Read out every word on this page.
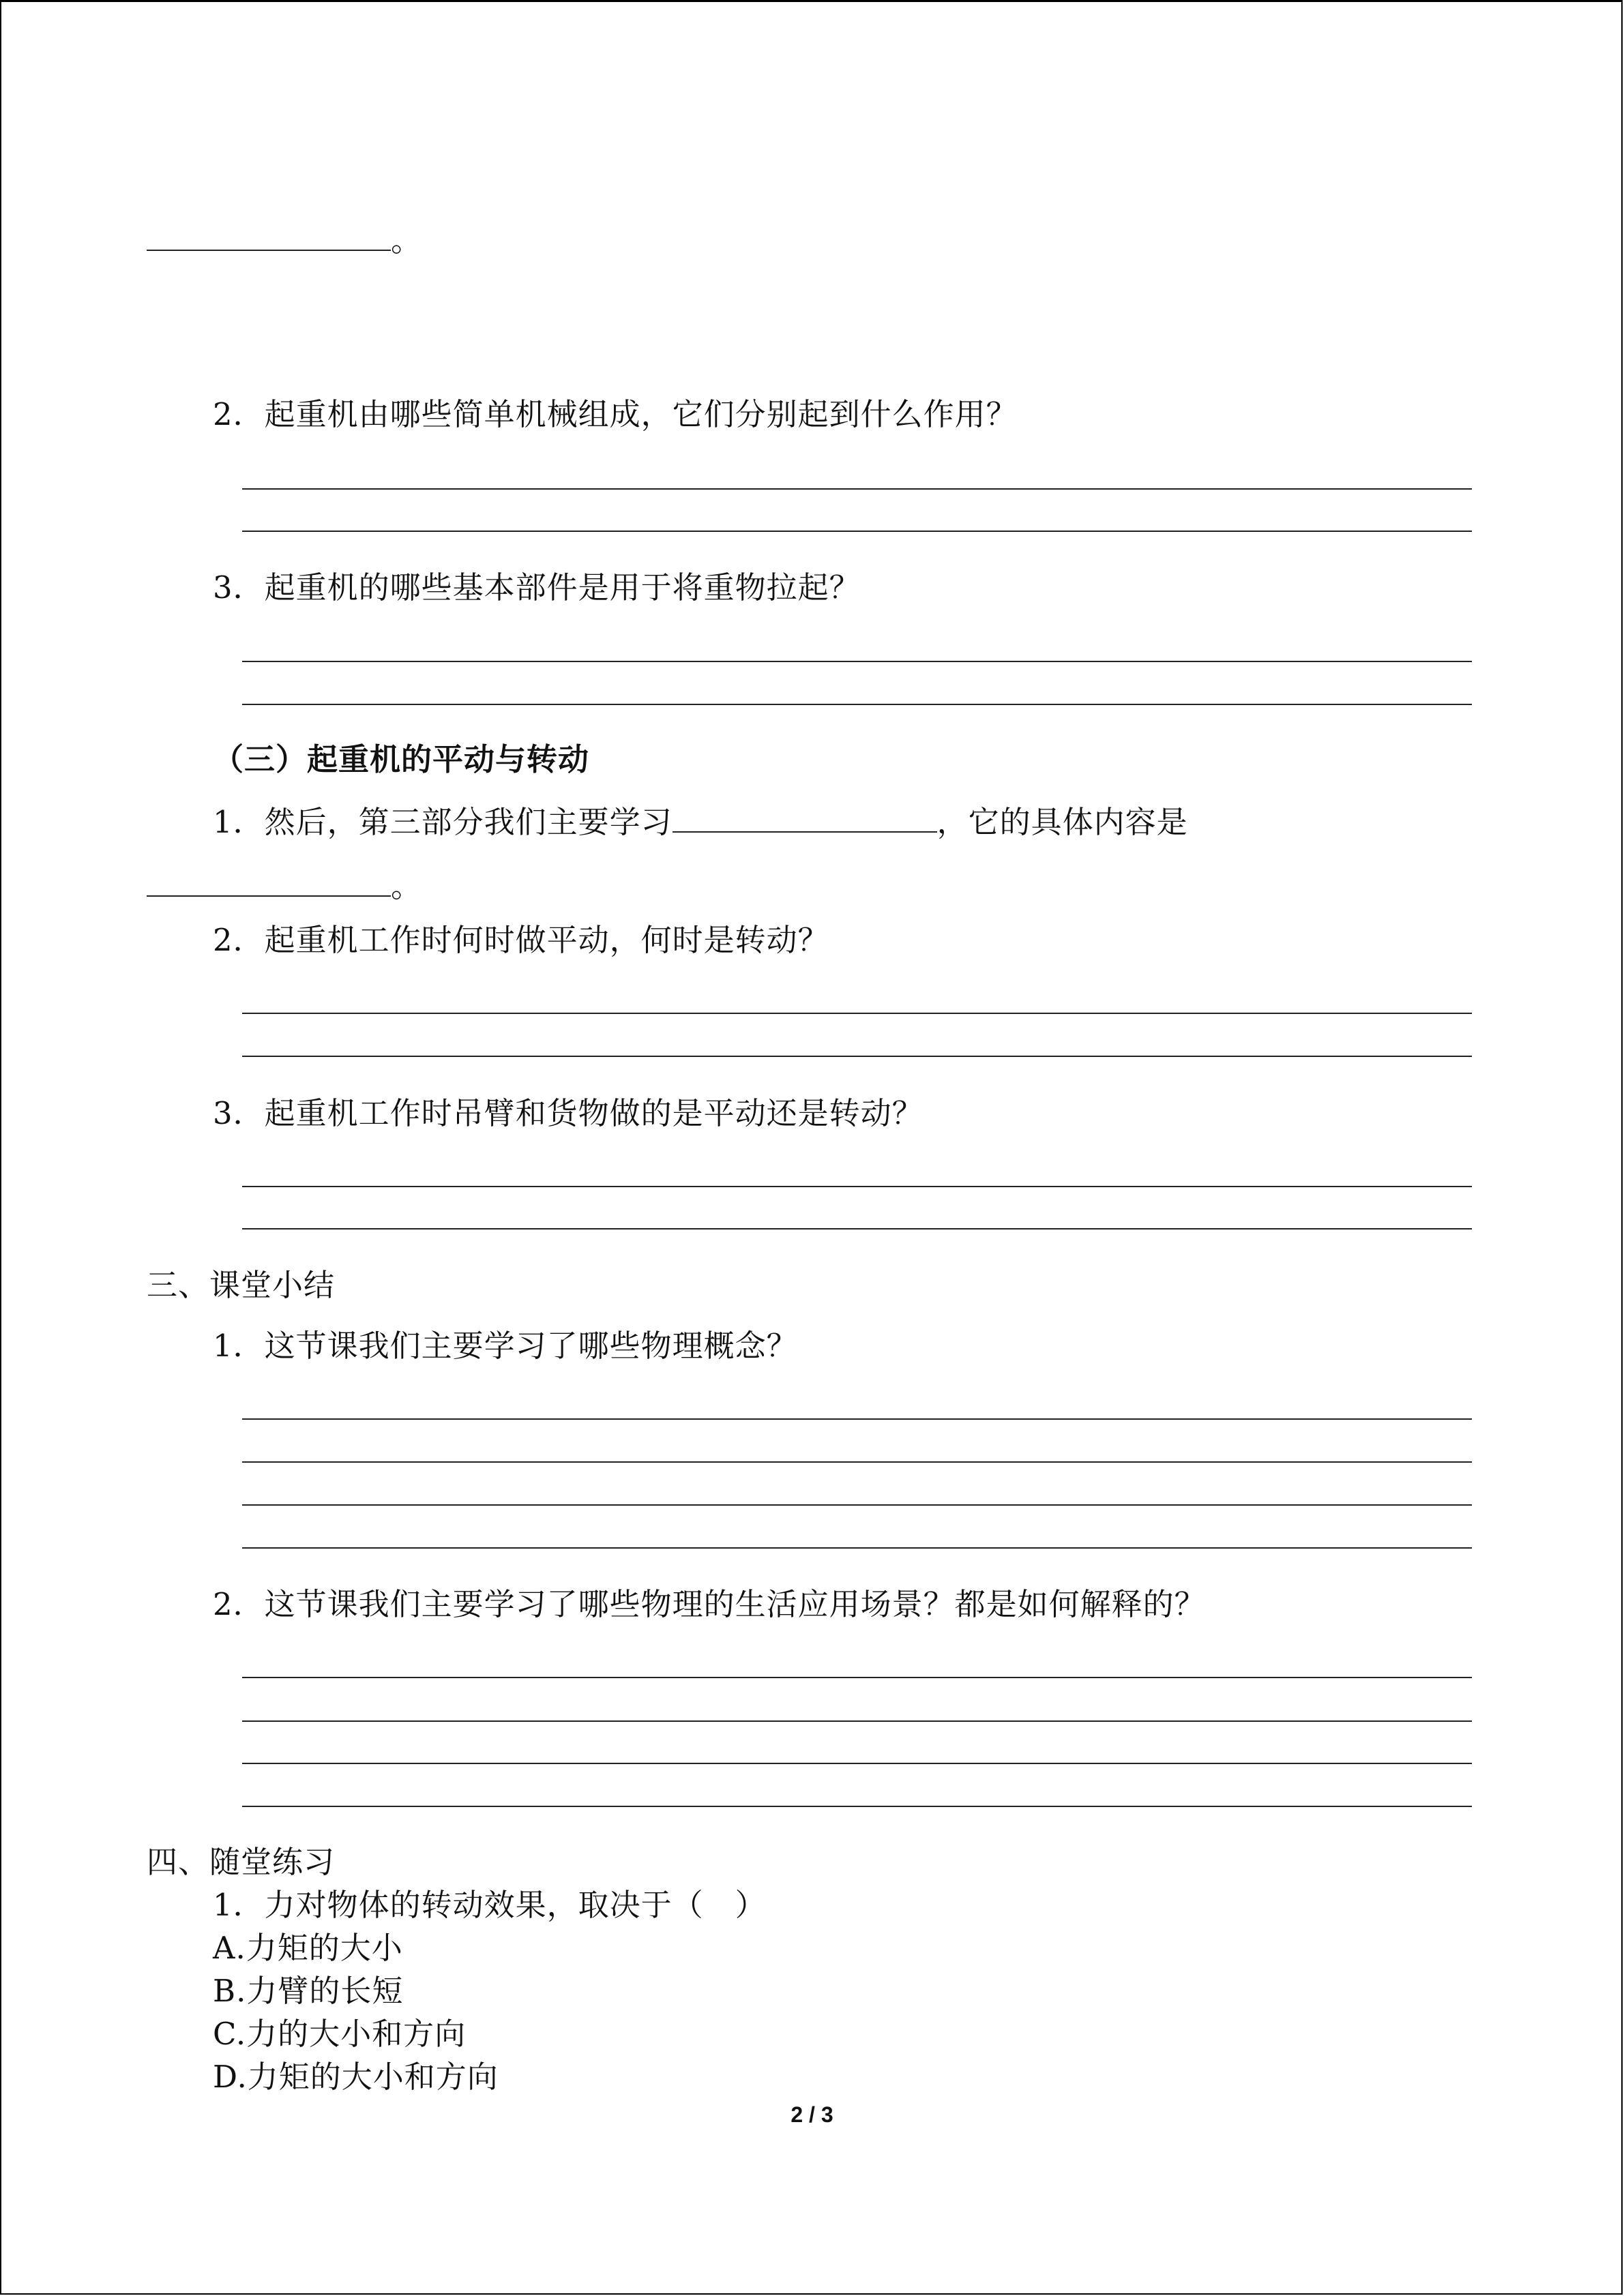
。
2．起重机由哪些简单机械组成，它们分别起到什么作用？
3．起重机的哪些基本部件是用于将重物拉起？
（三）起重机的平动与转动
1．然后，第三部分我们主要学习	，它的具体内容是
。
2．起重机工作时何时做平动，何时是转动？
3．起重机工作时吊臂和货物做的是平动还是转动？
三、课堂小结
1．这节课我们主要学习了哪些物理概念？
2．这节课我们主要学习了哪些物理的生活应用场景？都是如何解释的？
四、随堂练习
1．力对物体的转动效果，取决于（　）
A.力矩的大小
B.力臂的长短
C.力的大小和方向
D.力矩的大小和方向
2 / 3
